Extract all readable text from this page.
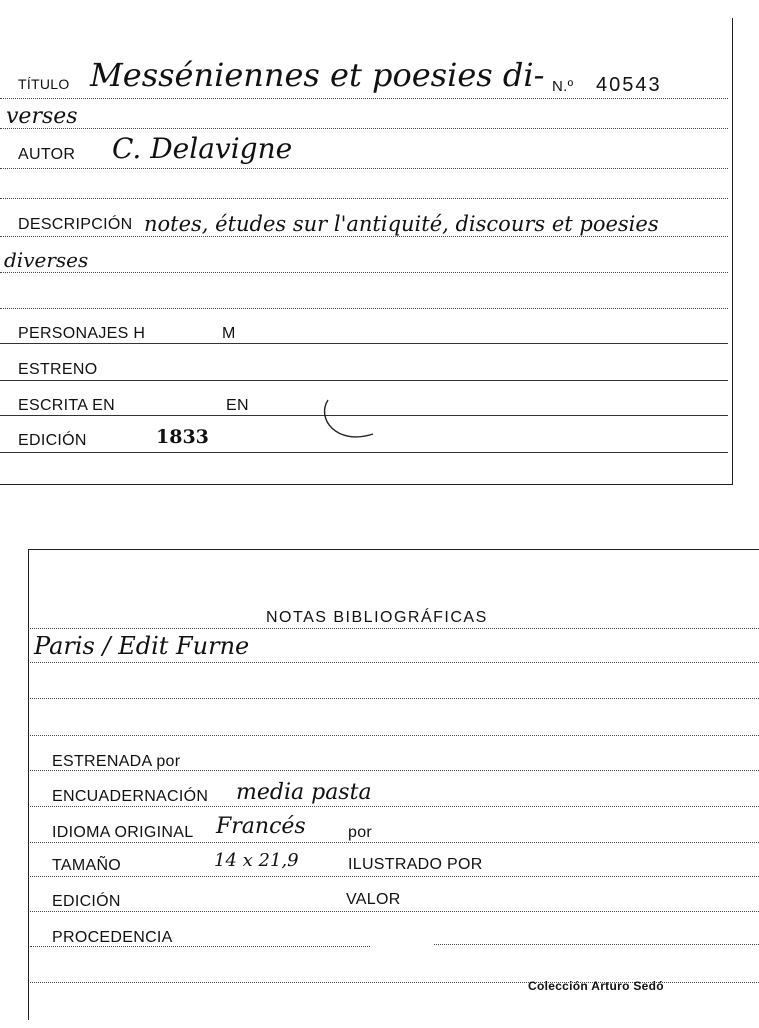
TÍTULO Messéniennes et poesies di- N.º 40543
verses
AUTOR C. Delavigne
DESCRIPCIÓN notes, études sur l'antiquité, discours et poesies
diverses
PERSONAJES H	M
ESTRENO
ESCRITA EN	EN
EDICIÓN	1833
NOTAS BIBLIOGRÁFICAS
Paris / Edit Furne
ESTRENADA por
ENCUADERNACIÓN media pasta
IDIOMA ORIGINAL Francés	por
TAMAÑO	14 x 21,9	ILUSTRADO POR
EDICIÓN	VALOR
PROCEDENCIA
Colección Arturo Sedó
